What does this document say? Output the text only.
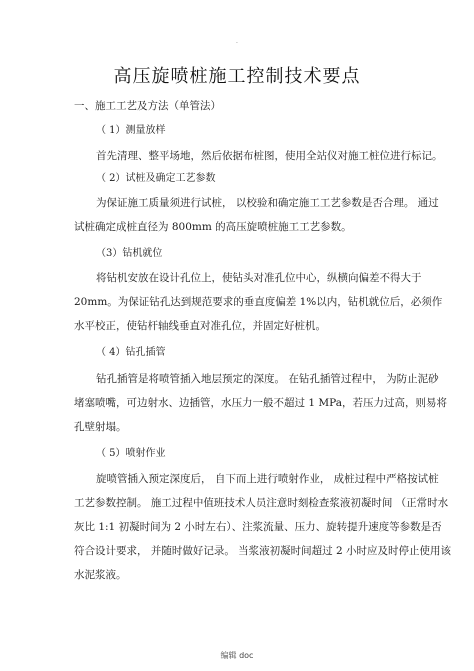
.
高压旋喷桩施工控制技术要点
一、施工工艺及方法（单管法）
（ 1）测量放样
首先清理、整平场地，然后依据布桩图，使用全站仪对施工桩位进行标记。
（ 2）试桩及确定工艺参数
为保证施工质量须进行试桩， 以校验和确定施工工艺参数是否合理。 通过
试桩确定成桩直径为 800mm 的高压旋喷桩施工工艺参数。
（3）钻机就位
将钻机安放在设计孔位上，使钻头对准孔位中心，纵横向偏差不得大于
20mm。为保证钻孔达到规范要求的垂直度偏差 1%以内，钻机就位后，必须作
水平校正，使钻杆轴线垂直对准孔位，并固定好桩机。
（ 4）钻孔插管
钻孔插管是将喷管插入地层预定的深度。 在钻孔插管过程中， 为防止泥砂
堵塞喷嘴，可边射水、边插管，水压力一般不超过 1 MPa，若压力过高，则易将
孔壁射塌。
（ 5）喷射作业
旋喷管插入预定深度后， 自下而上进行喷射作业， 成桩过程中严格按试桩
工艺参数控制。 施工过程中值班技术人员注意时刻检查浆液初凝时间 （正常时水
灰比 1:1 初凝时间为 2 小时左右）、注浆流量、压力、旋转提升速度等参数是否
符合设计要求， 并随时做好记录。 当浆液初凝时间超过 2 小时应及时停止使用该
水泥浆液。
编辑 doc
